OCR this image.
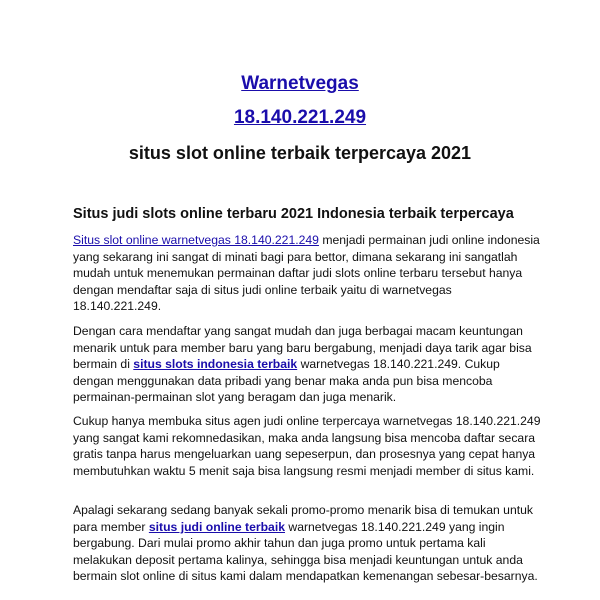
Warnetvegas
18.140.221.249
situs slot online terbaik terpercaya 2021
Situs judi slots online terbaru 2021 Indonesia terbaik terpercaya

Situs slot online warnetvegas 18.140.221.249 menjadi permainan judi online indonesia yang sekarang ini sangat di minati bagi para bettor, dimana sekarang ini sangatlah mudah untuk menemukan permainan daftar judi slots online terbaru tersebut hanya dengan mendaftar saja di situs judi online terbaik yaitu di warnetvegas 18.140.221.249.

Dengan cara mendaftar yang sangat mudah dan juga berbagai macam keuntungan menarik untuk para member baru yang baru bergabung, menjadi daya tarik agar bisa bermain di situs slots indonesia terbaik warnetvegas 18.140.221.249. Cukup dengan menggunakan data pribadi yang benar maka anda pun bisa mencoba permainan-permainan slot yang beragam dan juga menarik.

Cukup hanya membuka situs agen judi online terpercaya warnetvegas 18.140.221.249 yang sangat kami rekomnedasikan, maka anda langsung bisa mencoba daftar secara gratis tanpa harus mengeluarkan uang sepeserpun, dan prosesnya yang cepat hanya membutuhkan waktu 5 menit saja bisa langsung resmi menjadi member di situs kami.

Apalagi sekarang sedang banyak sekali promo-promo menarik bisa di temukan untuk para member situs judi online terbaik warnetvegas 18.140.221.249 yang ingin bergabung. Dari mulai promo akhir tahun dan juga promo untuk pertama kali melakukan deposit pertama kalinya, sehingga bisa menjadi keuntungan untuk anda bermain slot online di situs kami dalam mendapatkan kemenangan sebesar-besarnya.
